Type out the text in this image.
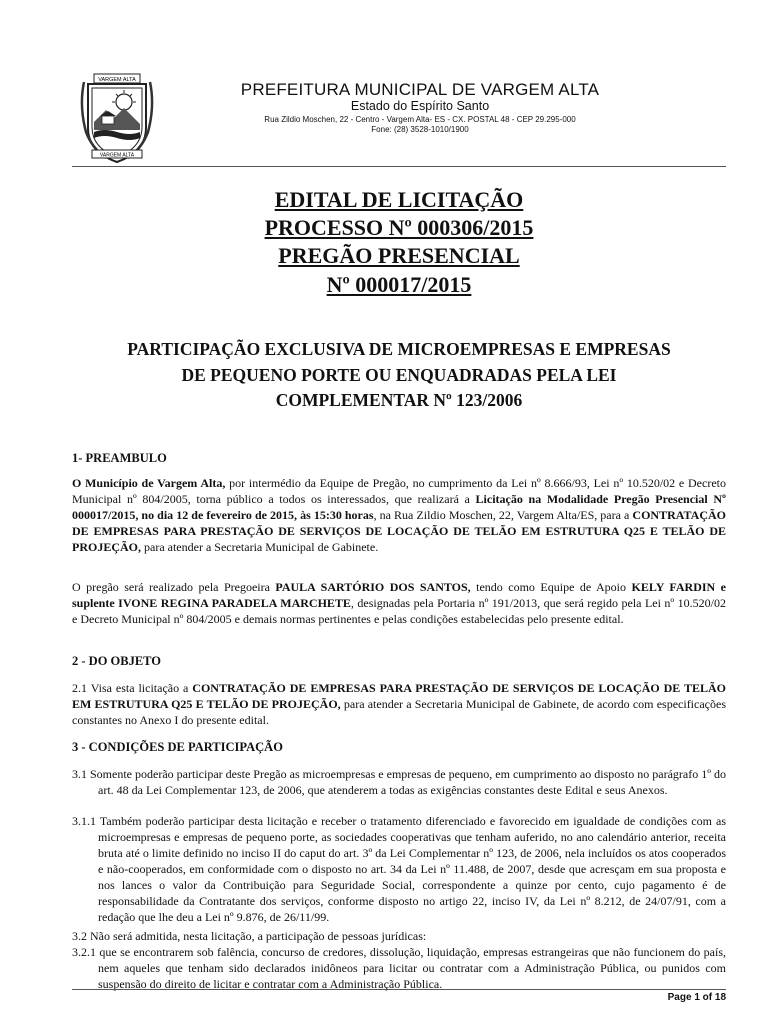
VARGEM ALTA
VARGEM ALTA
PREFEITURA MUNICIPAL DE VARGEM ALTA
Estado do Espírito Santo
Rua Zildio Moschen, 22 - Centro - Vargem Alta- ES - CX. POSTAL 48 - CEP 29.295-000
Fone: (28) 3528-1010/1900
EDITAL DE LICITAÇÃO
PROCESSO Nº 000306/2015
PREGÃO PRESENCIAL
Nº 000017/2015
PARTICIPAÇÃO EXCLUSIVA DE MICROEMPRESAS E EMPRESAS
DE PEQUENO PORTE OU ENQUADRADAS PELA LEI
COMPLEMENTAR Nº 123/2006
1- PREAMBULO
O Município de Vargem Alta, por intermédio da Equipe de Pregão, no cumprimento da Lei nº 8.666/93, Lei nº 10.520/02 e Decreto Municipal nº 804/2005, torna público a todos os interessados, que realizará a Licitação na Modalidade Pregão Presencial Nº 000017/2015, no dia 12 de fevereiro de 2015, às 15:30 horas, na Rua Zildio Moschen, 22, Vargem Alta/ES, para a CONTRATAÇÃO DE EMPRESAS PARA PRESTAÇÃO DE SERVIÇOS DE LOCAÇÃO DE TELÃO EM ESTRUTURA Q25 E TELÃO DE PROJEÇÃO, para atender a Secretaria Municipal de Gabinete.
O pregão será realizado pela Pregoeira PAULA SARTÓRIO DOS SANTOS, tendo como Equipe de Apoio KELY FARDIN e suplente IVONE REGINA PARADELA MARCHETE, designadas pela Portaria nº 191/2013, que será regido pela Lei nº 10.520/02 e Decreto Municipal nº 804/2005 e demais normas pertinentes e pelas condições estabelecidas pelo presente edital.
2 - DO OBJETO
2.1 Visa esta licitação a CONTRATAÇÃO DE EMPRESAS PARA PRESTAÇÃO DE SERVIÇOS DE LOCAÇÃO DE TELÃO EM ESTRUTURA Q25 E TELÃO DE PROJEÇÃO, para atender a Secretaria Municipal de Gabinete, de acordo com especificações constantes no Anexo I do presente edital.
3 - CONDIÇÕES DE PARTICIPAÇÃO
3.1 Somente poderão participar deste Pregão as microempresas e empresas de pequeno, em cumprimento ao disposto no parágrafo 1º do art. 48 da Lei Complementar 123, de 2006, que atenderem a todas as exigências constantes deste Edital e seus Anexos.
3.1.1 Também poderão participar desta licitação e receber o tratamento diferenciado e favorecido em igualdade de condições com as microempresas e empresas de pequeno porte, as sociedades cooperativas que tenham auferido, no ano calendário anterior, receita bruta até o limite definido no inciso II do caput do art. 3º da Lei Complementar nº 123, de 2006, nela incluídos os atos cooperados e não-cooperados, em conformidade com o disposto no art. 34 da Lei nº 11.488, de 2007, desde que acresçam em sua proposta e nos lances o valor da Contribuição para Seguridade Social, correspondente a quinze por cento, cujo pagamento é de responsabilidade da Contratante dos serviços, conforme disposto no artigo 22, inciso IV, da Lei nº 8.212, de 24/07/91, com a redação que lhe deu a Lei nº 9.876, de 26/11/99.
3.2 Não será admitida, nesta licitação, a participação de pessoas jurídicas:
3.2.1 que se encontrarem sob falência, concurso de credores, dissolução, liquidação, empresas estrangeiras que não funcionem do país, nem aqueles que tenham sido declarados inidôneos para licitar ou contratar com a Administração Pública, ou punidos com suspensão do direito de licitar e contratar com a Administração Pública.
Page 1 of 18
